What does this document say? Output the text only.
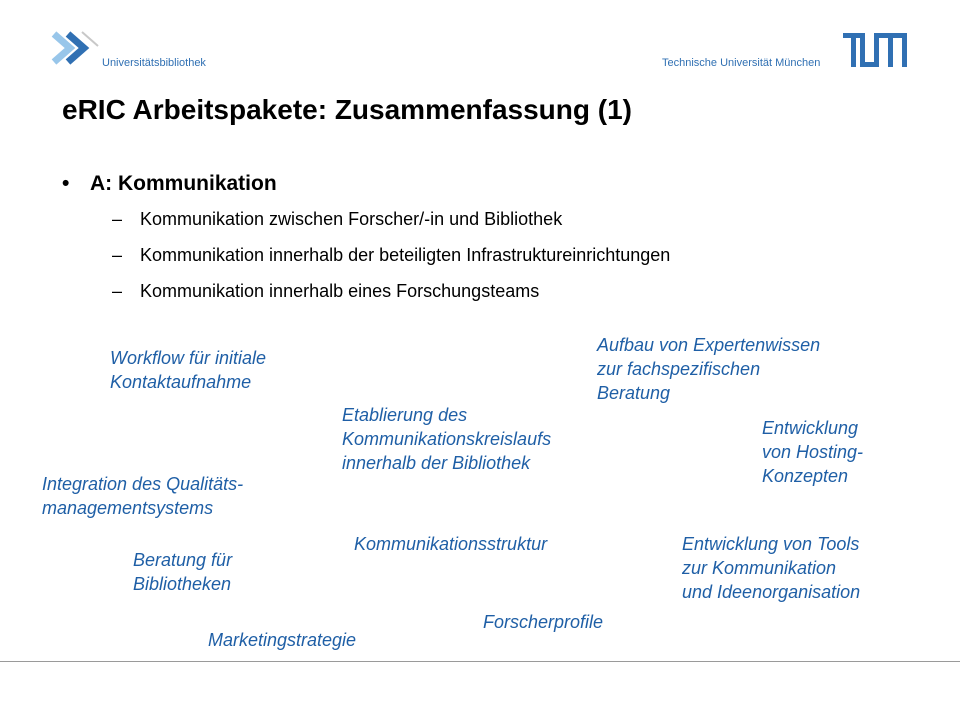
Universitätsbibliothek	Technische Universität München
eRIC Arbeitspakete: Zusammenfassung (1)
• A: Kommunikation
– Kommunikation zwischen Forscher/-in und Bibliothek
– Kommunikation innerhalb der beteiligten Infrastruktureinrichtungen
– Kommunikation innerhalb eines Forschungsteams
Workflow für initiale
Kontaktaufnahme
Aufbau von Expertenwissen
zur fachspezifischen
Beratung
Etablierung des
Kommunikationskreislaufs
innerhalb der Bibliothek
Entwicklung
von Hosting-
Konzepten
Integration des Qualitäts-
managementsystems
Kommunikationsstruktur	Entwicklung von Tools
zur Kommunikation
und Ideenorganisation
Beratung für
Bibliotheken
Forscherprofile
Marketingstrategie
